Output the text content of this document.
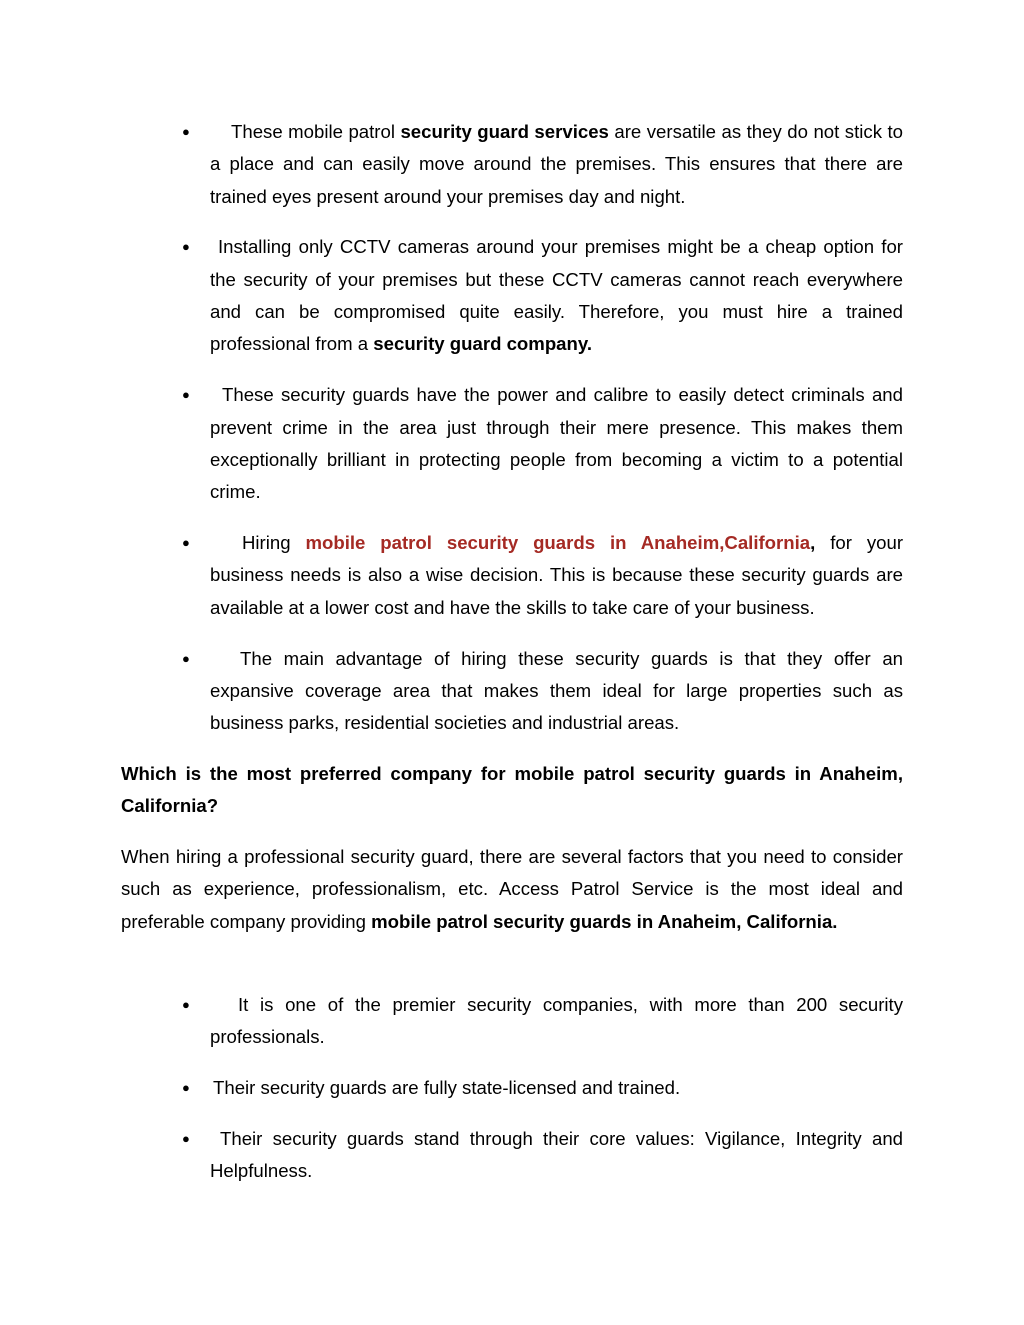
● These mobile patrol security guard services are versatile as they do not stick to a place and can easily move around the premises. This ensures that there are trained eyes present around your premises day and night.
● Installing only CCTV cameras around your premises might be a cheap option for the security of your premises but these CCTV cameras cannot reach everywhere and can be compromised quite easily. Therefore, you must hire a trained professional from a security guard company.
● These security guards have the power and calibre to easily detect criminals and prevent crime in the area just through their mere presence. This makes them exceptionally brilliant in protecting people from becoming a victim to a potential crime.
●	Hiring mobile patrol security guards in Anaheim,California, for your business needs is also a wise decision. This is because these security guards are available at a lower cost and have the skills to take care of your business.
●	The main advantage of hiring these security guards is that they offer an expansive coverage area that makes them ideal for large properties such as business parks, residential societies and industrial areas.

Which is the most preferred company for mobile patrol security guards in Anaheim, California?

When hiring a professional security guard, there are several factors that you need to consider such as experience, professionalism, etc. Access Patrol Service is the most ideal and preferable company providing mobile patrol security guards in Anaheim, California.

●	It is one of the premier security companies, with more than 200 security professionals.
● Their security guards are fully state-licensed and trained.
● Their security guards stand through their core values: Vigilance, Integrity and Helpfulness.
